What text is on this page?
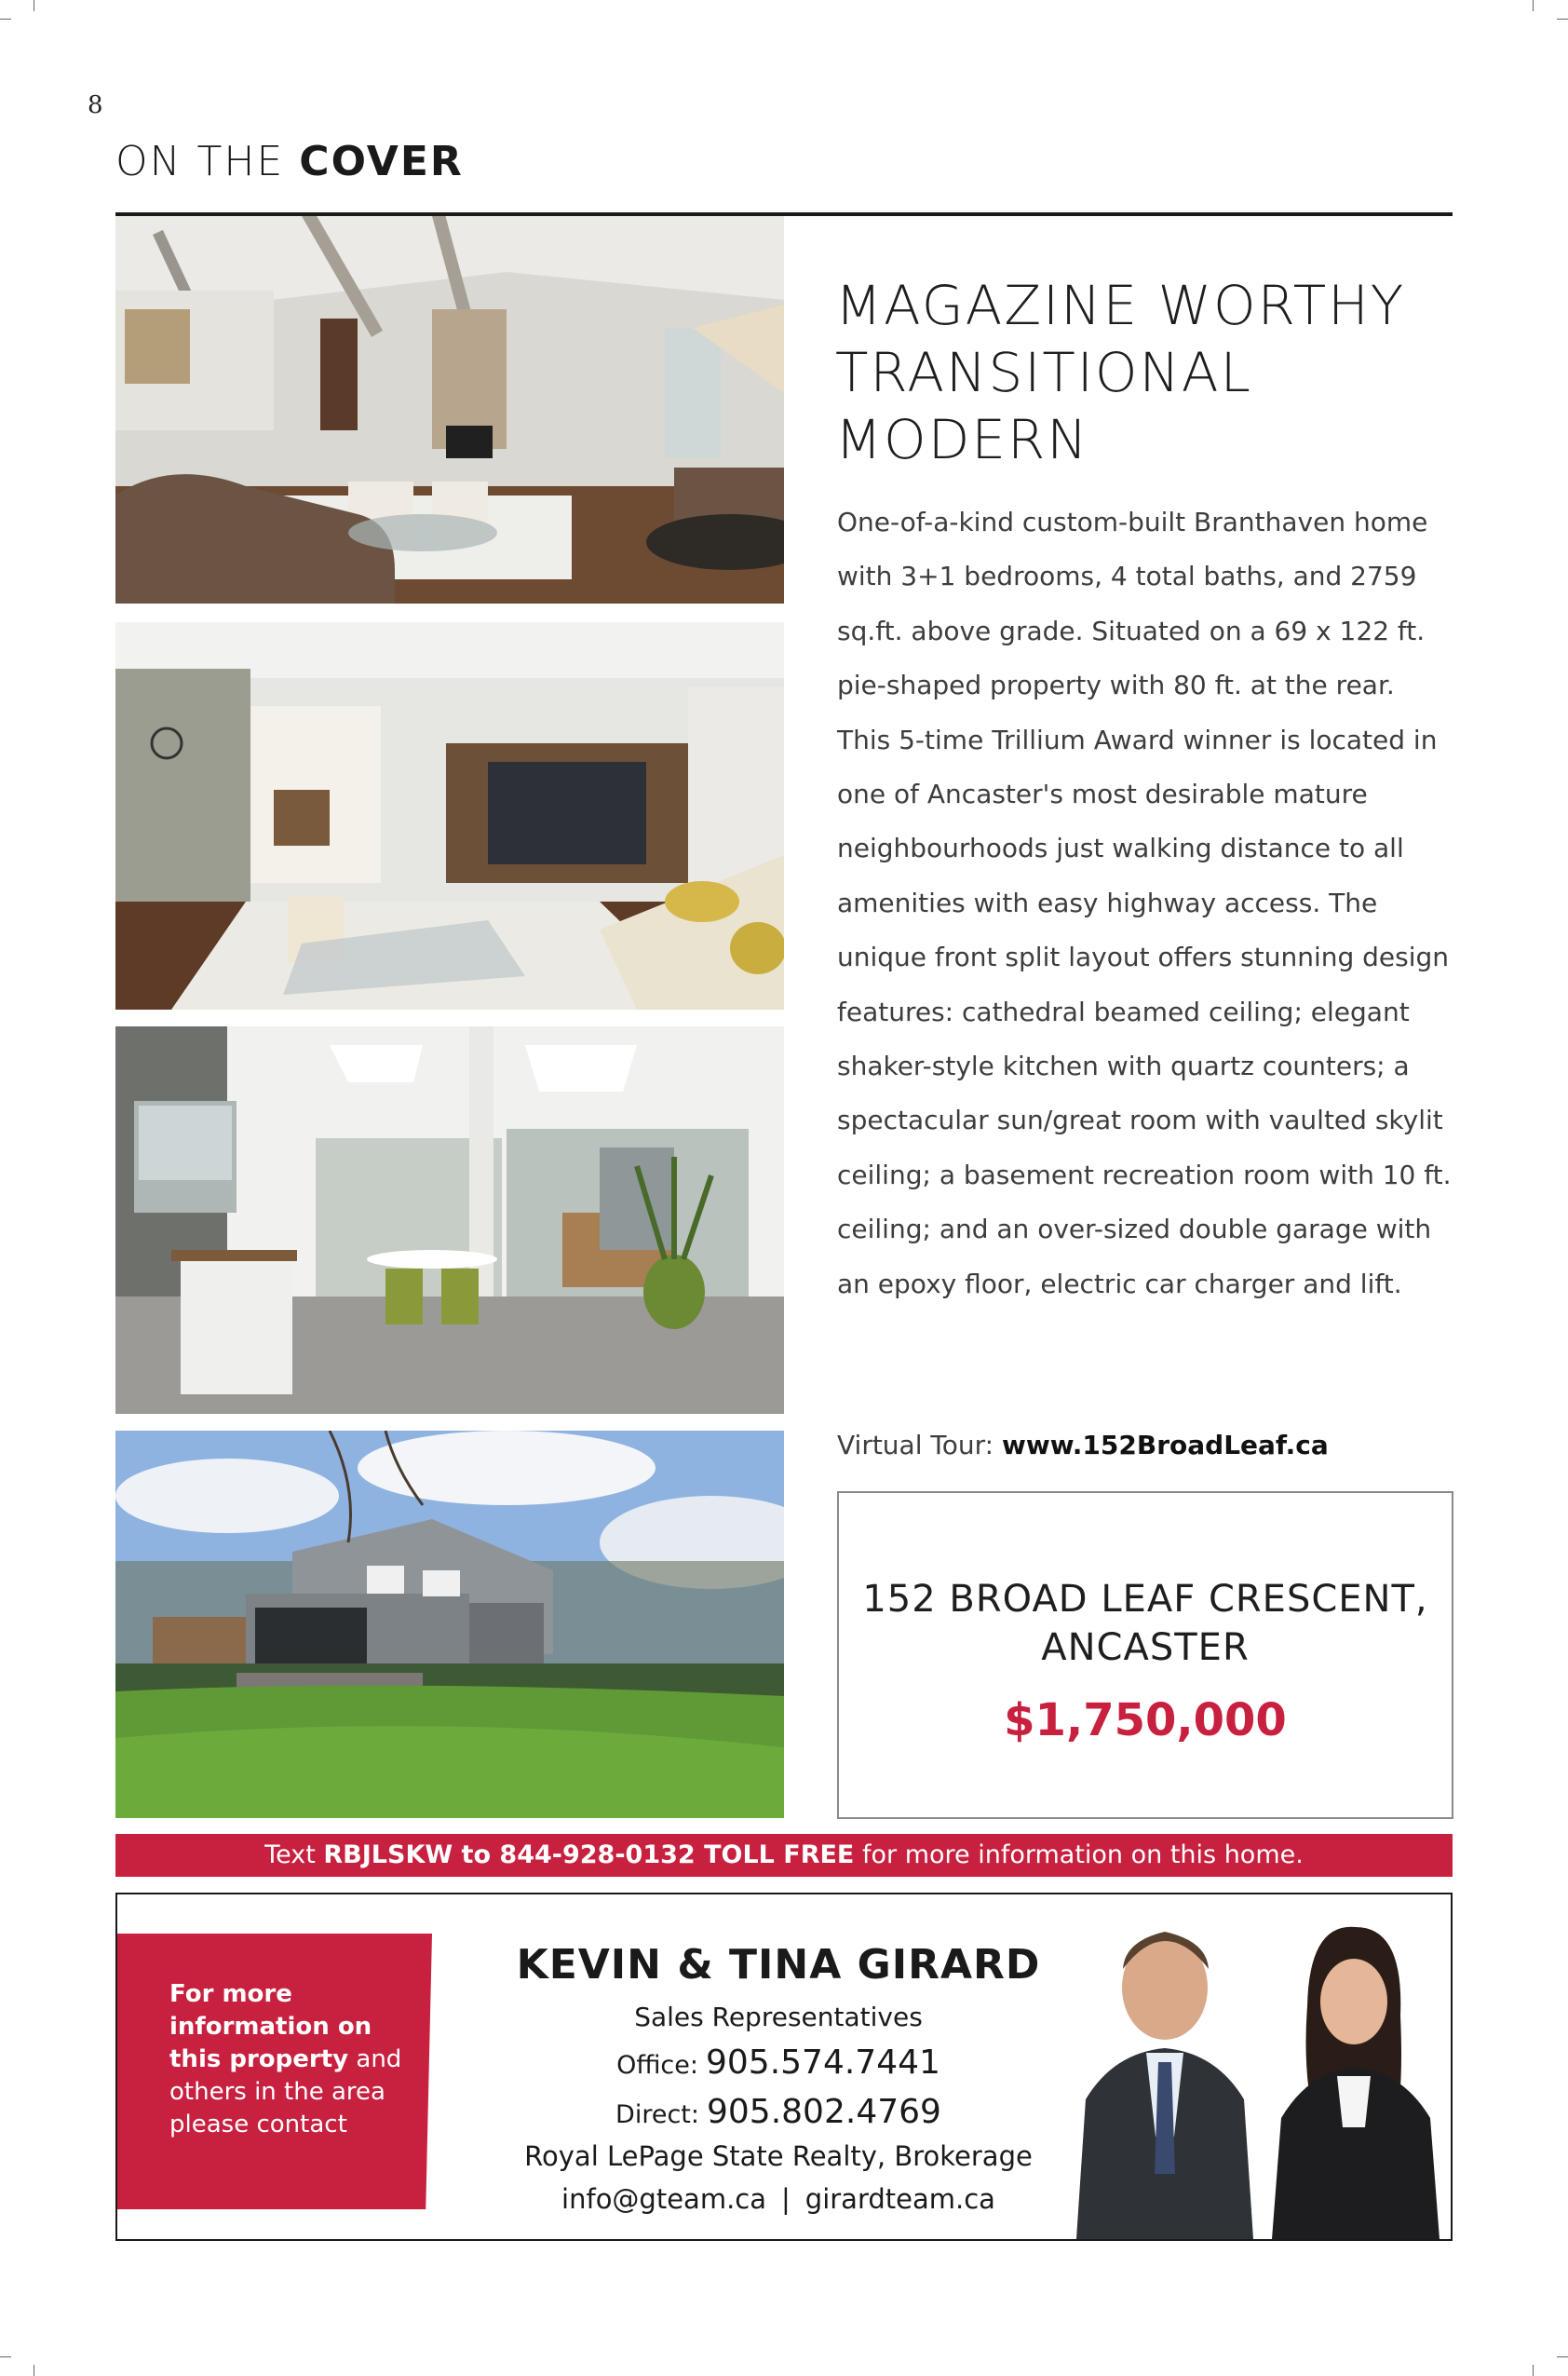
8
ON THE COVER
MAGAZINE WORTHY TRANSITIONAL MODERN
One-of-a-kind custom-built Branthaven home with 3+1 bedrooms, 4 total baths, and 2759 sq.ft. above grade. Situated on a 69 x 122 ft. pie-shaped property with 80 ft. at the rear. This 5-time Trillium Award winner is located in one of Ancaster's most desirable mature neighbourhoods just walking distance to all amenities with easy highway access. The unique front split layout offers stunning design features: cathedral beamed ceiling; elegant shaker-style kitchen with quartz counters; a spectacular sun/great room with vaulted skylit ceiling; a basement recreation room with 10 ft. ceiling; and an over-sized double garage with an epoxy floor, electric car charger and lift.
Virtual Tour: www.152BroadLeaf.ca
152 BROAD LEAF CRESCENT, ANCASTER
$1,750,000
Text RBJLSKW to 844-928-0132 TOLL FREE for more information on this home.
For more information on this property and others in the area please contact
KEVIN & TINA GIRARD
Sales Representatives
Office: 905.574.7441
Direct: 905.802.4769
Royal LePage State Realty, Brokerage
info@gteam.ca | girardteam.ca
